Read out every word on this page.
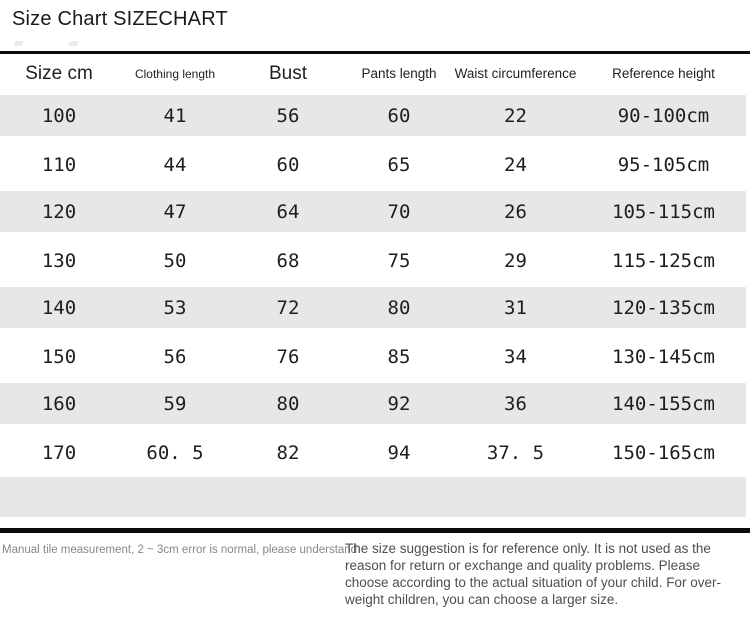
Size Chart SIZECHART
Size cm	Clothing length	Bust	Pants length	Waist circumference	Reference height
100	41	56	60	22	90-100cm
110	44	60	65	24	95-105cm
120	47	64	70	26	105-115cm
130	50	68	75	29	115-125cm
140	53	72	80	31	120-135cm
150	56	76	85	34	130-145cm
160	59	80	92	36	140-155cm
170	60. 5	82	94	37. 5	150-165cm
Manual tile measurement, 2 ~ 3cm error is normal, please understand
The size suggestion is for reference only. It is not used as the
reason for return or exchange and quality problems. Please
choose according to the actual situation of your child. For over-
weight children, you can choose a larger size.
